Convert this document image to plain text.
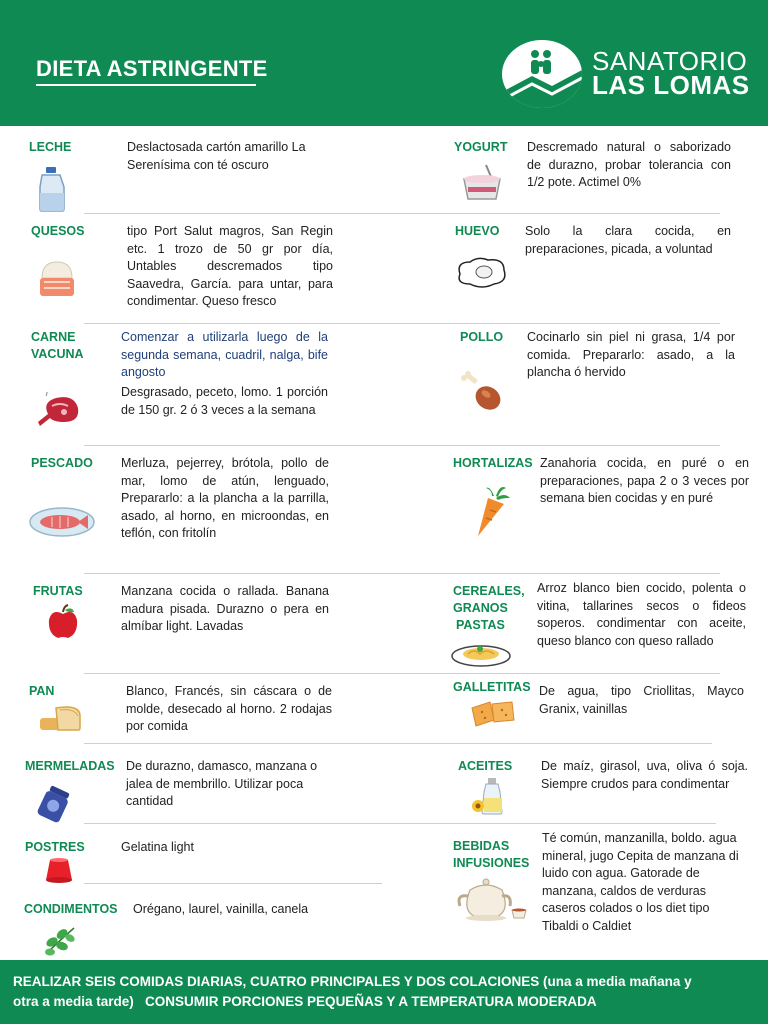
DIETA ASTRINGENTE	SANATORIO
LAS LOMAS
LECHE	Deslactosada cartón amarillo La Serenísima con té oscuro
YOGURT Descremado natural o saborizado de durazno, probar tolerancia con 1/2 pote. Actimel 0%
QUESOS	tipo Port Salut magros, San Regin etc. 1 trozo de 50 gr por día, Untables descremados tipo Saavedra, García. para untar, para condimentar. Queso fresco
HUEVO Solo la clara cocida, en preparaciones, picada, a voluntad
CARNE
VACUNA
Comenzar a utilizarla luego de la segunda semana, cuadril, nalga, bife angosto
Desgrasado, peceto, lomo. 1 porción de 150 gr. 2 ó 3 veces a la semana
POLLO Cocinarlo sin piel ni grasa, 1/4 por comida. Prepararlo: asado, a la plancha ó hervido
PESCADO Merluza, pejerrey, brótola, pollo de mar, lomo de atún, lenguado, Prepararlo: a la plancha a la parrilla, asado, al horno, en microondas, en teflón, con fritolín
HORTALIZAS Zanahoria cocida, en puré o en preparaciones, papa 2 o 3 veces por semana bien cocidas y en puré
FRUTAS	Manzana cocida o rallada. Banana madura pisada. Durazno o pera en almíbar light. Lavadas
CEREALES,
GRANOS
PASTAS
Arroz blanco bien cocido, polenta o vitina, tallarines secos o fideos soperos. condimentar con aceite, queso blanco con queso rallado
PAN	Blanco, Francés, sin cáscara o de molde, desecado al horno. 2 rodajas por comida
GALLETITAS De agua, tipo Criollitas, Mayco Granix, vainillas
MERMELADAS De durazno, damasco, manzana o jalea de membrillo. Utilizar poca cantidad
ACEITES De maíz, girasol, uva, oliva ó soja. Siempre crudos para condimentar
POSTRES	Gelatina light	BEBIDAS
INFUSIONES
Té común, manzanilla, boldo. agua mineral, jugo Cepita de manzana di luido con agua. Gatorade de manzana, caldos de verduras caseros colados o los diet tipo Tibaldi o Caldiet
CONDIMENTOS Orégano, laurel, vainilla, canela
REALIZAR SEIS COMIDAS DIARIAS, CUATRO PRINCIPALES Y DOS COLACIONES (una a media mañana y
otra a media tarde)   CONSUMIR PORCIONES PEQUEÑAS Y A TEMPERATURA MODERADA
